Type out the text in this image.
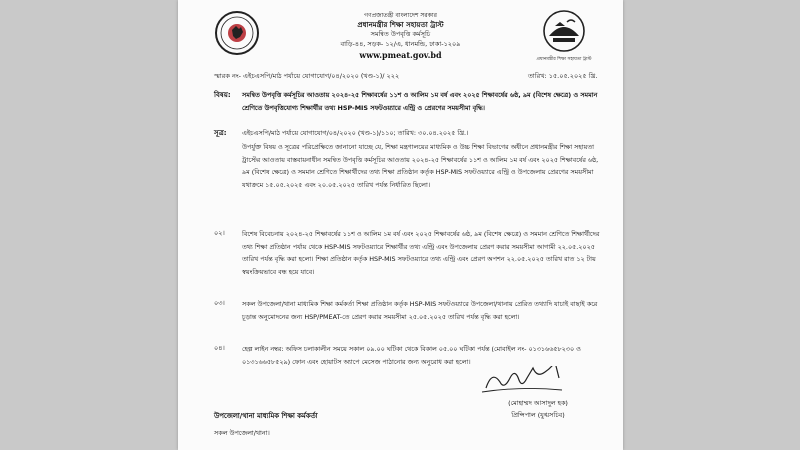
প্রধানমন্ত্রীর শিক্ষা সহায়তা ট্রাস্ট
গণপ্রজাতন্ত্রী বাংলাদেশ সরকার
প্রধানমন্ত্রীর শিক্ষা সহায়তা ট্রাস্ট
সমন্বিত উপবৃত্তি কর্মসূচি
বাড়ি-৪৪, সড়ক- ১২/এ, ধানমন্ডি, ঢাকা-১২০৯
www.pmeat.gov.bd
স্মারক নং- এইচএসপি/মাঠ পর্যায়ে যোগাযোগ/০৪/২০২০ (খণ্ড-১)/ ২২২	তারিখ: ১৫.০৫.২০২৫ খ্রি.
বিষয়: সমন্বিত উপবৃত্তি কর্মসূচির আওতায় ২০২৪-২৫ শিক্ষাবর্ষের ১১শ ও আলিম ১ম বর্ষ এবং ২০২৫ শিক্ষাবর্ষের ৬ষ্ঠ, ৯ম (বিশেষ ক্ষেত্রে) ও সমমান শ্রেণিতে উপবৃত্তিযোগ্য শিক্ষার্থীর তথ্য HSP-MIS সফটওয়্যারে এন্ট্রি ও প্রেরণের সময়সীমা বৃদ্ধি।
সূত্র: এইচএসপি/মাঠ পর্যায়ে যোগাযোগ/০৪/২০২০ (খণ্ড-১)/১১০; তারিখ: ৩০.০৪.২০২৫ খ্রি.।
উপর্যুক্ত বিষয় ও সূত্রের পরিপ্রেক্ষিতে জানানো যাচ্ছে যে, শিক্ষা মন্ত্রণালয়ের মাধ্যমিক ও উচ্চ শিক্ষা বিভাগের অধীনে প্রধানমন্ত্রীর শিক্ষা সহায়তা ট্রাস্টের আওতায় বাস্তবায়নাধীন সমন্বিত উপবৃত্তি কর্মসূচির আওতায় ২০২৪-২৫ শিক্ষাবর্ষের ১১শ ও আলিম ১ম বর্ষ এবং ২০২৫ শিক্ষাবর্ষের ৬ষ্ঠ, ৯ম (বিশেষ ক্ষেত্রে) ও সমমান শ্রেণিতে শিক্ষার্থীদের তথ্য শিক্ষা প্রতিষ্ঠান কর্তৃক HSP-MIS সফটওয়্যারে এন্ট্রি ও উপজেলায় প্রেরণের সময়সীমা যথাক্রমে ১৫.০৫.২০২৫ এবং ২০.০৫.২০২৫ তারিখ পর্যন্ত নির্ধারিত ছিলো।
০২।	বিশেষ বিবেচনায় ২০২৪-২৫ শিক্ষাবর্ষের ১১শ ও আলিম ১ম বর্ষ এবং ২০২৫ শিক্ষাবর্ষের ৬ষ্ঠ, ৯ম (বিশেষ ক্ষেত্রে) ও সমমান শ্রেণিতে শিক্ষার্থীদের তথ্য শিক্ষা প্রতিষ্ঠান পর্যায় থেকে HSP-MIS সফটওয়্যারে শিক্ষার্থীর তথ্য এন্ট্রি এবং উপজেলায় প্রেরণ করার সময়সীমা আগামী ২২.০৫.২০২৫ তারিখ পর্যন্ত বৃদ্ধি করা হলো। শিক্ষা প্রতিষ্ঠান কর্তৃক HSP-MIS সফটওয়্যারে তথ্য এন্ট্রি এবং প্রেরণ অপশন ২২.০৫.২০২৫ তারিখ রাত ১২ টায় স্বয়ংক্রিয়ভাবে বন্ধ হয়ে যাবে।
০৩।	সকল উপজেলা/থানা মাধ্যমিক শিক্ষা কর্মকর্তা শিক্ষা প্রতিষ্ঠান কর্তৃক HSP-MIS সফটওয়্যারে উপজেলা/থানায় প্রেরিত তথ্যাদি যাচাই বাছাই করে চূড়ান্ত অনুমোদনের জন্য HSP/PMEAT-তে প্রেরণ করার সময়সীমা ২৫.০৫.২০২৫ তারিখ পর্যন্ত বৃদ্ধি করা হলো।
০৪।	হেল্প লাইন নম্বর: অফিস চলাকালীন সময়ে সকাল ০৯.০০ ঘটিকা থেকে বিকাল ০৫.০০ ঘটিকা পর্যন্ত (মোবাইল নং- ০১৩১৬৬৫৮২৩০ ও ০১৩১৬৬৫৮৫২৯) ফোন এবং হোয়াটস অ্যাপে মেসেজ পাঠানোর জন্য অনুরোধ করা হলো।
(মোহাম্মদ আসাদুল হক)
প্রিন্সিপাল (যুগ্মসচিব)
উপজেলা/থানা মাধ্যমিক শিক্ষা কর্মকর্তা
সকল উপজেলা/থানা।
